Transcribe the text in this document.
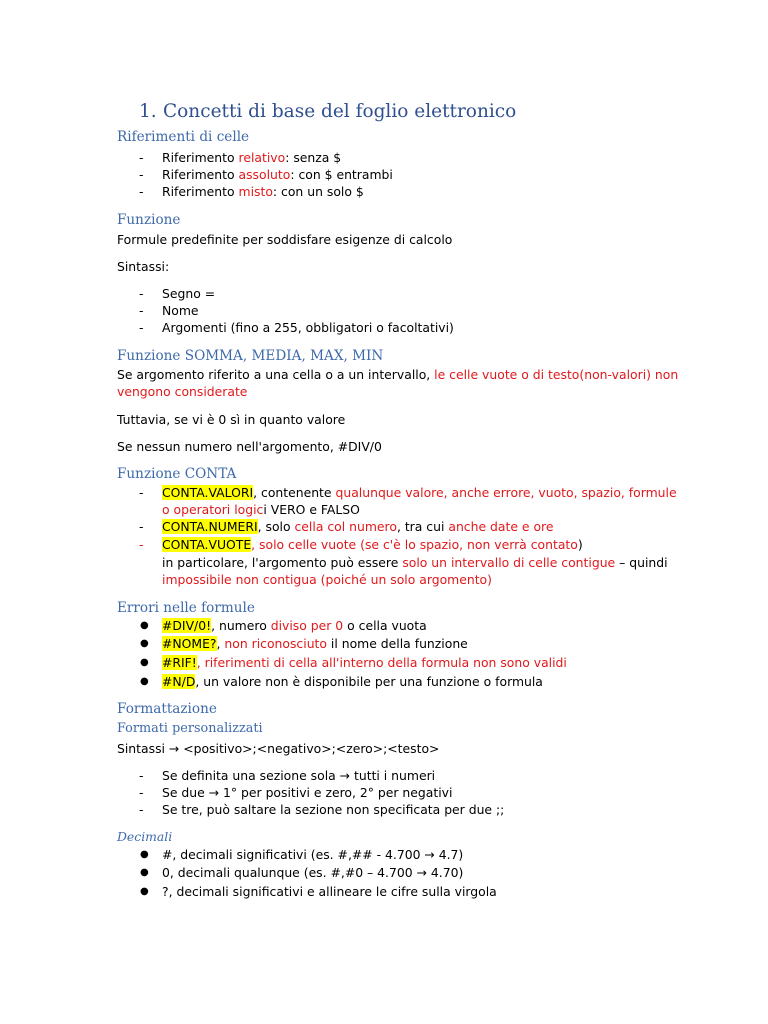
1. Concetti di base del foglio elettronico
Riferimenti di celle
-	Riferimento relativo: senza $

-	Riferimento assoluto: con $ entrambi

-	Riferimento misto: con un solo $

Funzione

Formule predefinite per soddisfare esigenze di calcolo

Sintassi:

-	Segno =

-	Nome

-	Argomenti (fino a 255, obbligatori o facoltativi)

Funzione SOMMA, MEDIA, MAX, MIN

Se argomento riferito a una cella o a un intervallo, le celle vuote o di testo(non-valori) non

vengono considerate

Tuttavia, se vi è 0 sì in quanto valore

Se nessun numero nell'argomento, #DIV/0

Funzione CONTA
-	CONTA.VALORI, contenente qualunque valore, anche errore, vuoto, spazio, formule

o operatori logici VERO e FALSO

-	CONTA.NUMERI, solo cella col numero, tra cui anche date e ore

-	CONTA.VUOTE, solo celle vuote (se c'è lo spazio, non verrà contato)

in particolare, l'argomento può essere solo un intervallo di celle contigue – quindi

impossibile non contigua (poiché un solo argomento)

Errori nelle formule
●	#DIV/0!, numero diviso per 0 o cella vuota

●	#NOME?, non riconosciuto il nome della funzione

●	#RIF!, riferimenti di cella all'interno della formula non sono validi

●	#N/D, un valore non è disponibile per una funzione o formula

Formattazione
Formati personalizzati

Sintassi → <positivo>;<negativo>;<zero>;<testo>

-	Se definita una sezione sola → tutti i numeri

-	Se due → 1° per positivi e zero, 2° per negativi

-	Se tre, può saltare la sezione non specificata per due ;;

Decimali
●	#, decimali significativi (es. #,## - 4.700 → 4.7)

●	0, decimali qualunque (es. #,#0 – 4.700 → 4.70)

●	?, decimali significativi e allineare le cifre sulla virgola
